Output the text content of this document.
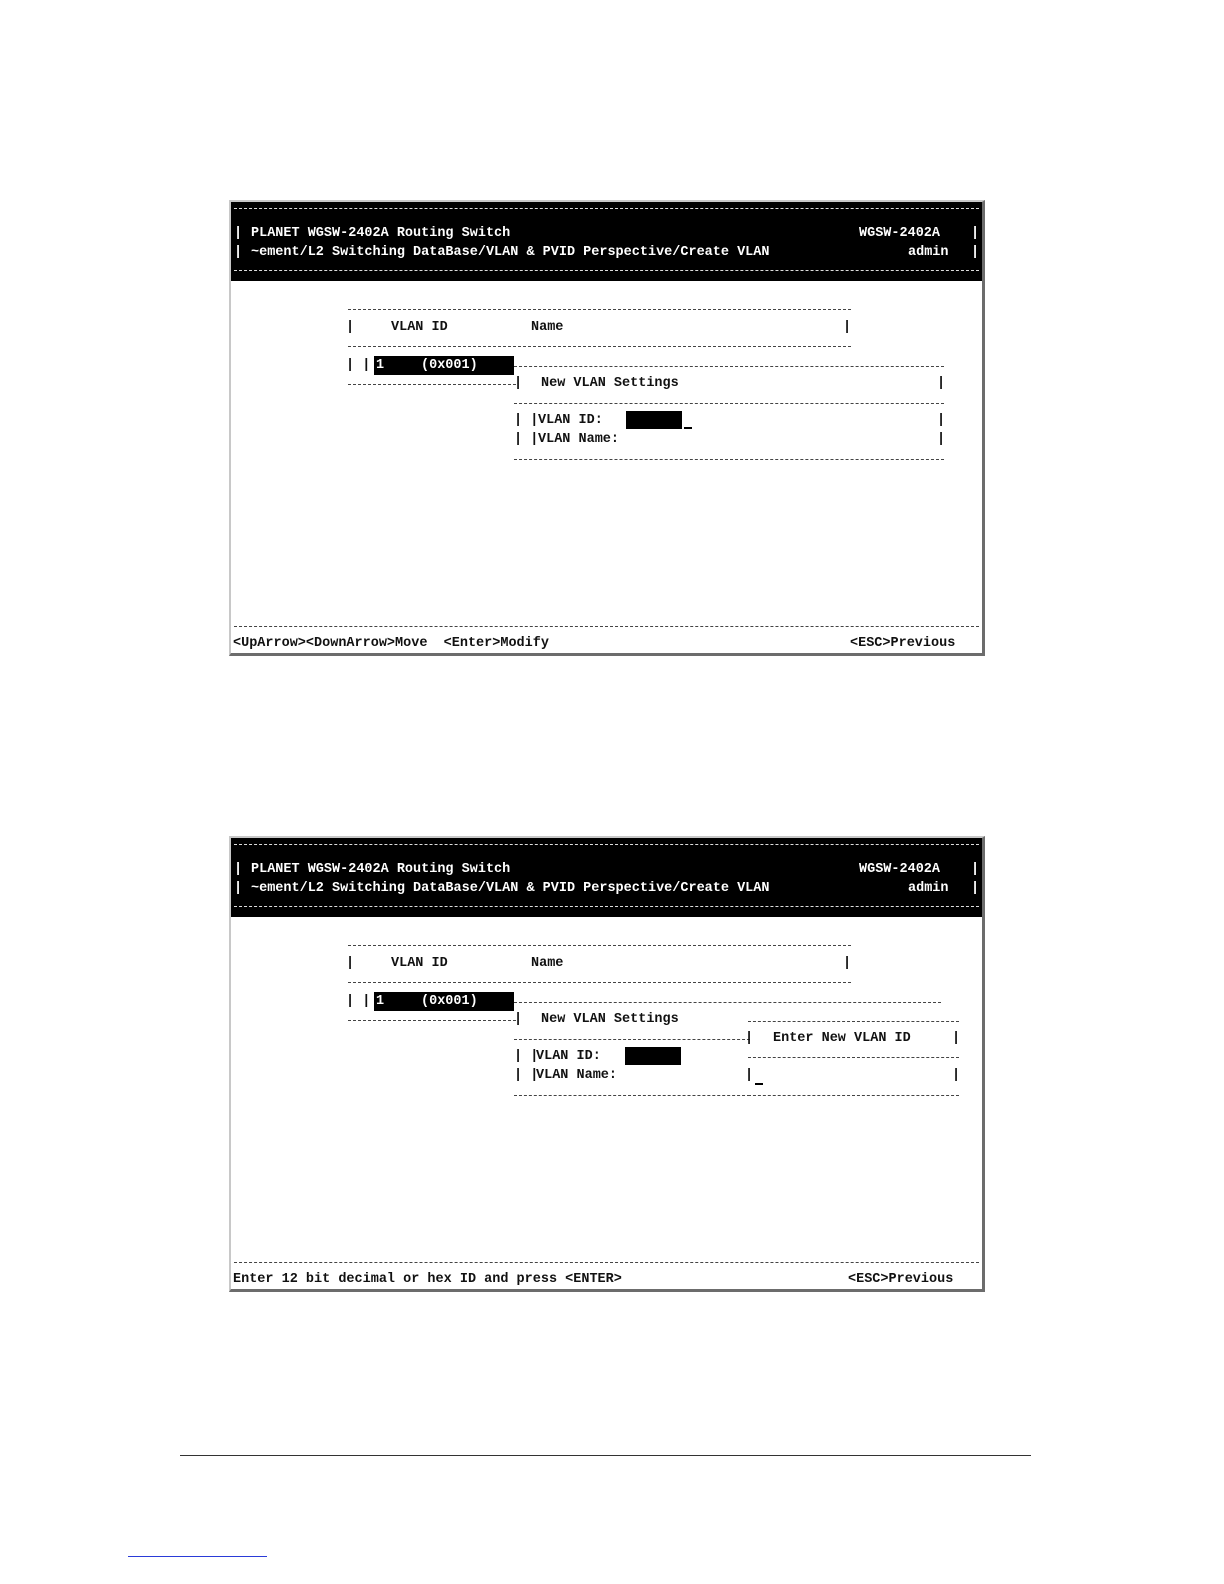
| PLANET WGSW-2402A Routing Switch	WGSW-2402A |
| ~ement/L2 Switching DataBase/VLAN & PVID Perspective/Create VLAN	admin |
|	VLAN ID	Name	|
| | 1	(0x001)
| New VLAN Settings	|
| | VLAN ID:	|
| | VLAN Name:	|
<UpArrow><DownArrow>Move  <Enter>Modify	<ESC>Previous
| PLANET WGSW-2402A Routing Switch	WGSW-2402A |
| ~ement/L2 Switching DataBase/VLAN & PVID Perspective/Create VLAN	admin |
|	VLAN ID	Name	|
| | 1	(0x001)
| New VLAN Settings
| |
VLAN ID:
| |
VLAN Name:
| Enter New VLAN ID	|
|	|
Enter 12 bit decimal or hex ID and press <ENTER>	<ESC>Previous
